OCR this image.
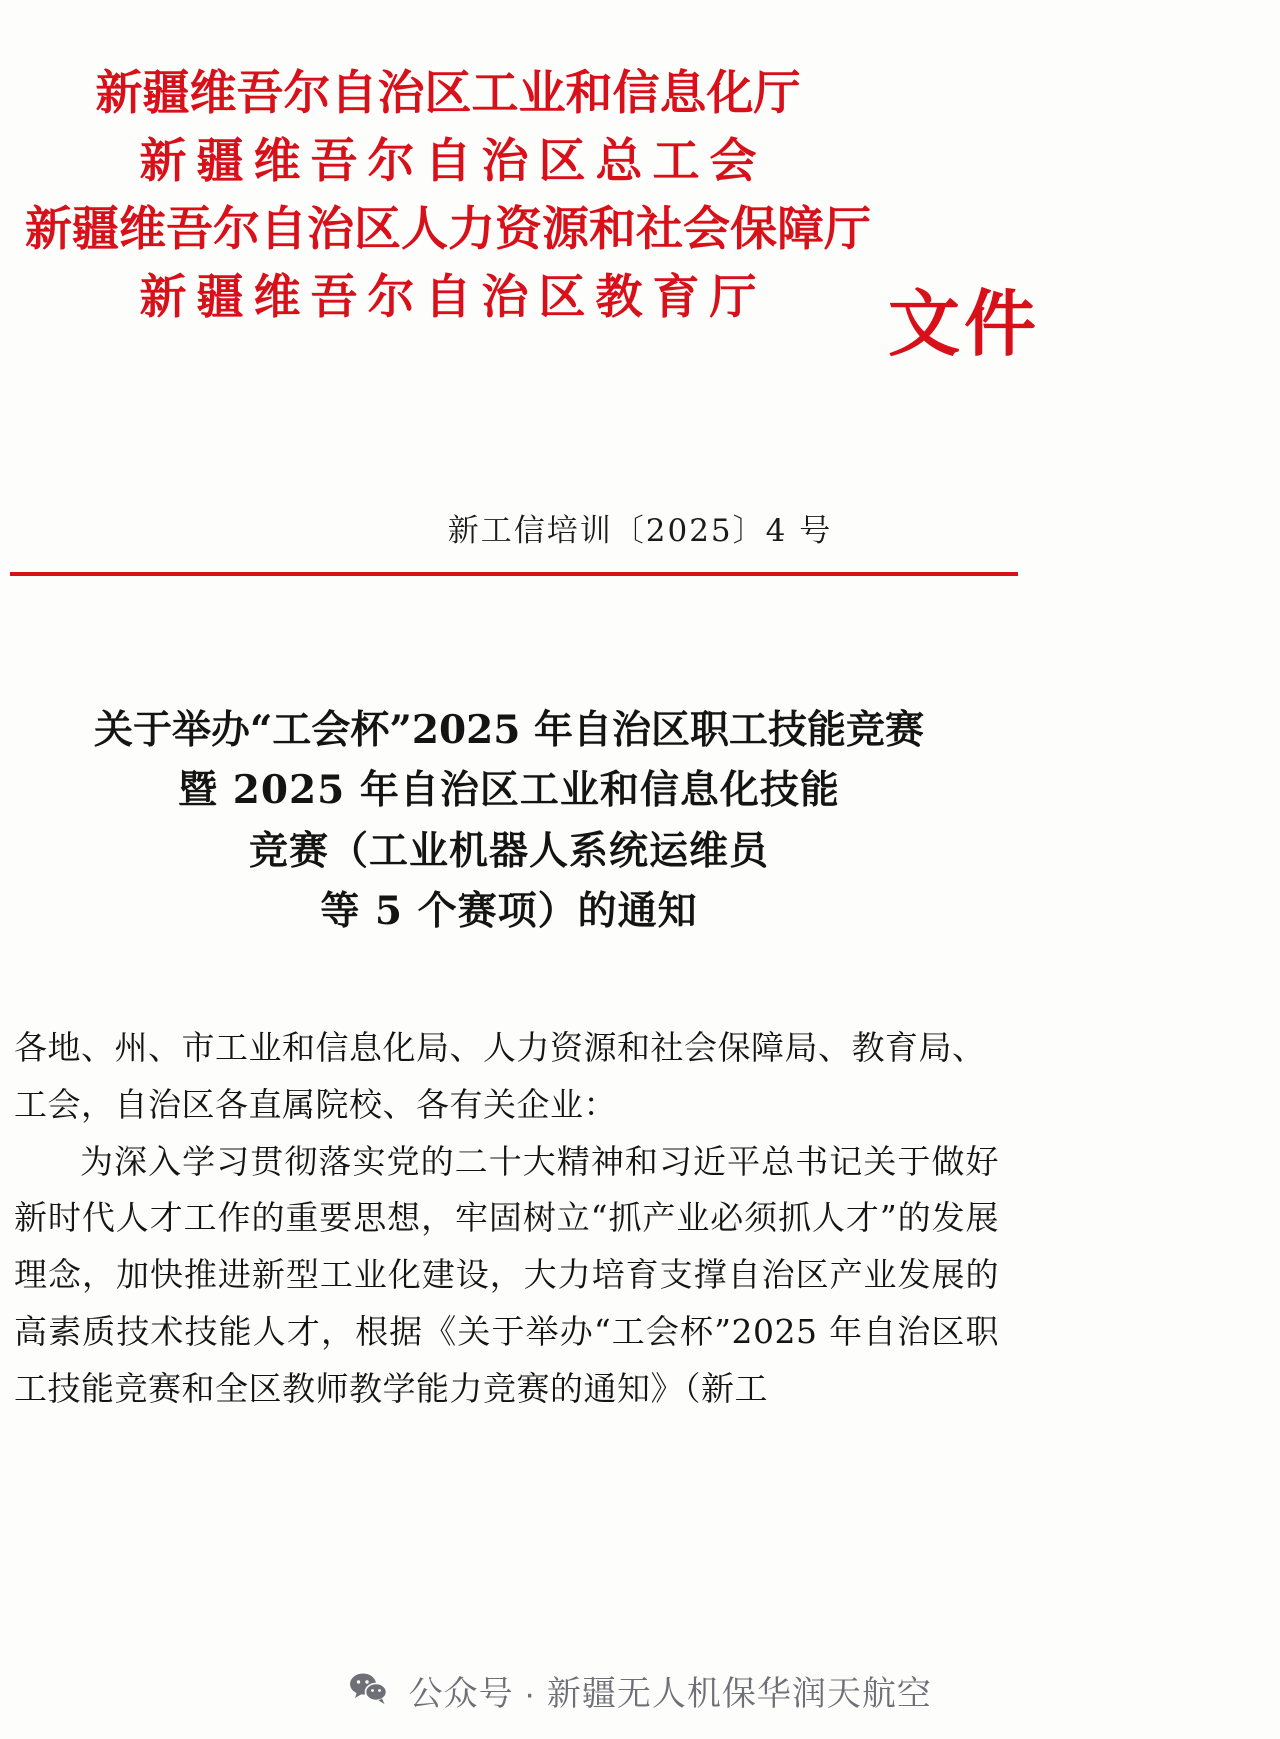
新疆维吾尔自治区工业和信息化厅
新疆维吾尔自治区总工会
新疆维吾尔自治区人力资源和社会保障厅
新疆维吾尔自治区教育厅	文件
新工信培训〔2025〕4 号
关于举办“工会杯”2025 年自治区职工技能竞赛
暨 2025 年自治区工业和信息化技能
竞赛（工业机器人系统运维员
等 5 个赛项）的通知

各地、州、市工业和信息化局、人力资源和社会保障局、教育局、

工会，自治区各直属院校、各有关企业：

为深入学习贯彻落实党的二十大精神和习近平总书记关于做好新时代人才工作的重要思想，牢固树立“抓产业必须抓人才”的发展理念，加快推进新型工业化建设，大力培育支撑自治区产业发展的高素质技术技能人才，根据《关于举办“工会杯”2025 年自治区职工技能竞赛和全区教师教学能力竞赛的通知》（新工

公众号 · 新疆无人机保华润天航空
